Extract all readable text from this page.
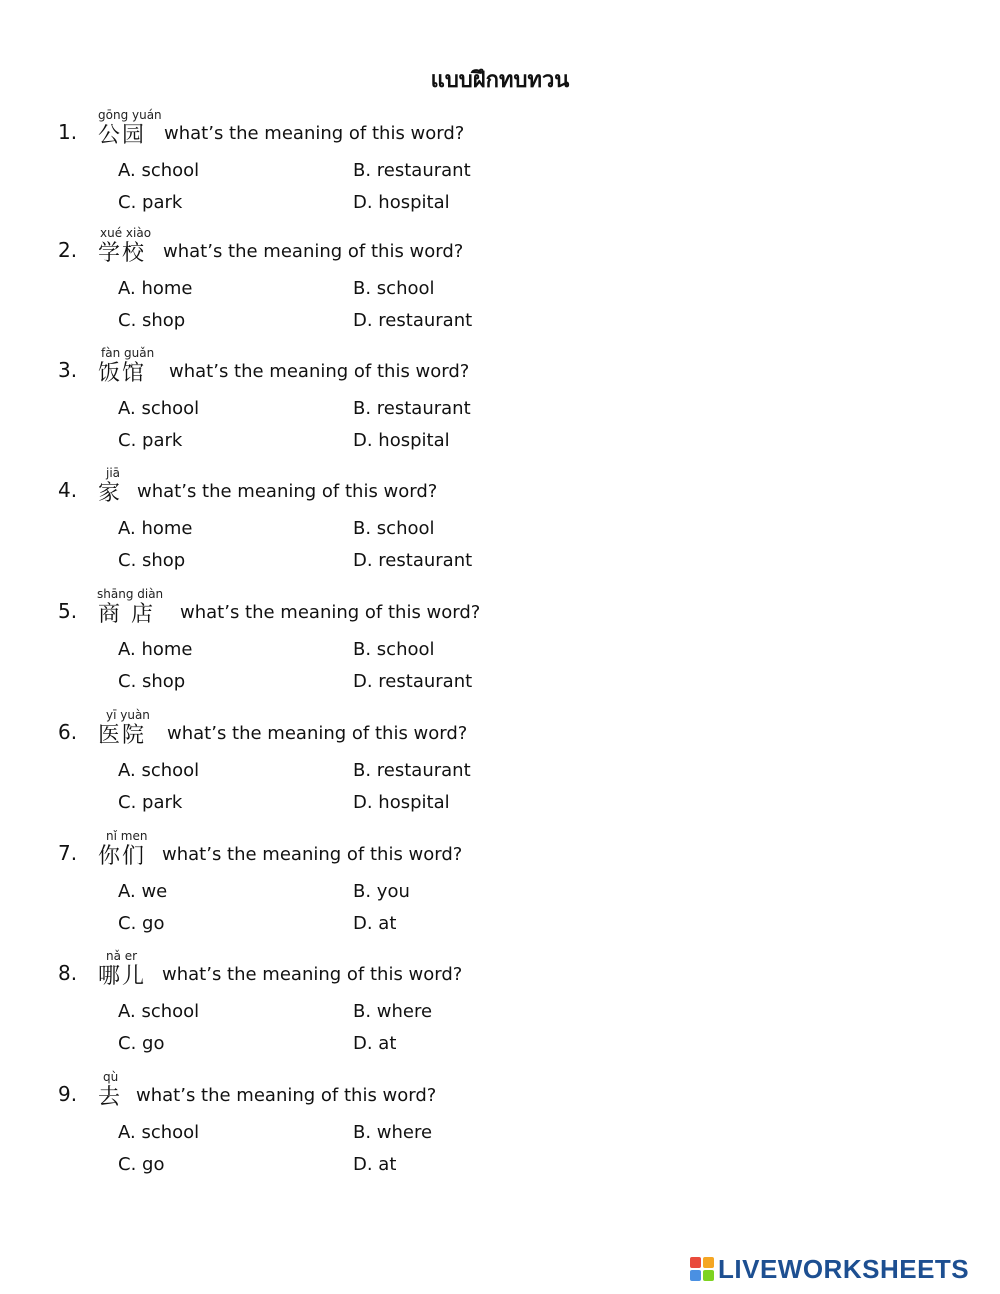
แบบฝึกทบทวน
gōng yuán
1. 公园 what’s the meaning of this word?
A. school	B. restaurant
C. park	D. hospital
xué xiào
2. 学校 what’s the meaning of this word?
A. home	B. school
C. shop	D. restaurant
fàn guǎn
3. 饭馆 what’s the meaning of this word?
A. school	B. restaurant
C. park	D. hospital
jiā
4. 家 what’s the meaning of this word?
A. home	B. school
C. shop	D. restaurant
shāng diàn
5. 商 店 what’s the meaning of this word?
A. home	B. school
C. shop	D. restaurant
yī yuàn
6. 医院 what’s the meaning of this word?
A. school	B. restaurant
C. park	D. hospital
nǐ men
7. 你们 what’s the meaning of this word?
A. we	B. you
C. go	D. at
nǎ er
8. 哪儿 what’s the meaning of this word?
A. school	B. where
C. go	D. at
qù
9. 去 what’s the meaning of this word?
A. school	B. where
C. go	D. at
LIVEWORKSHEETS
